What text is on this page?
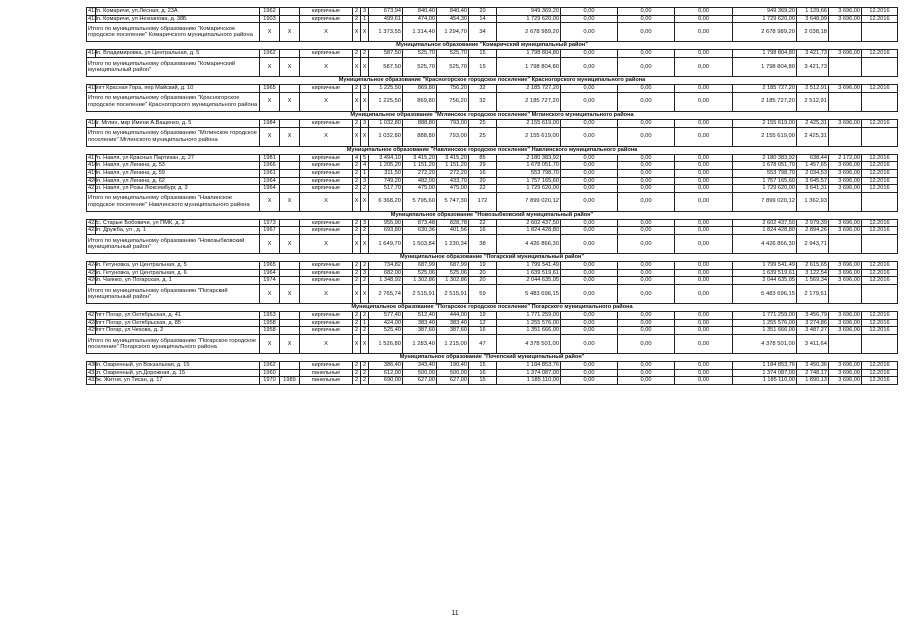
412	п. Комаричи, ул.Лесная, д. 23А	1962		кирпичные	2	3	673,94	840,40	840,40	20	949 369,20	0,00	0,00	0,00	949 369,20	1 129,66	3 696,00	12.2016
413	п. Комаричи, ул Незнанова, д. 38Б	1903		кирпичные	2	1	499,61	474,00	454,30	14	1 729 620,00	0,00	0,00	0,00	1 729 620,00	3 648,99	3 696,00	12.2016
Итого по муниципальному образованию "Комаричское городское поселение" Комаричского муниципального района		X	X	X	X	X	1 373,55	1 314,40	1 294,70	34	2 678 989,20	0,00	0,00	0,00	2 678 989,20	2 038,18		
Муниципальное образование "Комаричский муниципальный район"																		
414	п. Владимировка, ул Центральная, д. 5	1962		кирпичные	2	2	587,50	525,70	525,70	15	1 798 804,80	0,00	0,00	0,00	1 798 804,80	3 421,73	3 696,00	12.2016
Итого по муниципальному образованию "Комаричский муниципальный район"		X	X	X	X	X	587,50	525,70	525,70	15	1 798 804,80	0,00	0,00	0,00	1 798 804,80	3 421,73		
Муниципальное образование "Красногорское городское поселение" Красногорского муниципального района																		
415	пгт Красная Гора, пер Майский, д. 10	1965		кирпичные	2	3	1 225,50	869,80	756,20	32	2 185 727,20	0,00	0,00	0,00	2 185 727,20	2 512,91	3 696,00	12.2016
Итого по муниципальному образованию "Красногорское городское поселение" Красногорского муниципального района		X	X	X	X	X	1 225,50	869,80	756,20	32	2 185 727,20	0,00	0,00	0,00	2 185 727,20	2 512,91		
Муниципальное образование "Мглинское городское поселение" Мглинского муниципального района																		
416	г. Мглин, мкр Имени А.Ващенко, д. 5	1984		кирпичные	2	3	1 032,80	888,80	793,00	25	2 155 619,00	0,00	0,00	0,00	2 155 619,00	2 425,31	3 696,00	12.2016
Итого по муниципальному образованию "Мглинское городское поселение" Мглинского муниципального района		X	X	X	X	X	1 032,80	888,80	793,00	25	2 155 619,00	0,00	0,00	0,00	2 155 619,00	2 425,31		
Муниципальное образование "Навлинское городское поселение" Навлинского муниципального района																		
417	п. Навля, ул Красных Партизан, д. 27	1981		кирпичные	4	5	3 494,10	3 415,20	3 415,20	85	2 180 383,92	0,00	0,00	0,00	2 180 383,92	638,44	2 172,00	12.2016
418	п. Навля, ул Ленина, д. 53	1966		кирпичные	2	4	1 205,20	1 151,20	1 151,20	29	1 678 051,70	0,00	0,00	0,00	1 678 051,70	1 457,65	3 696,00	12.2016
419	п. Навля, ул Ленина, д. 59	1961		кирпичные	2	1	311,50	272,20	272,20	16	553 798,70	0,00	0,00	0,00	553 798,70	2 034,53	3 696,00	12.2016
420	п. Навля, ул Ленина, д. 62	1964		кирпичные	2	3	749,20	482,00	433,70	20	1 757 165,60	0,00	0,00	0,00	1 757 165,60	3 645,57	3 696,00	12.2016
421	п. Навля, ул Розы Люксембург, д. 3	1964		кирпичные	2	2	517,70	475,00	475,00	22	1 729 620,00	0,00	0,00	0,00	1 729 620,00	3 641,31	3 696,00	12.2016
Итого по муниципальному образованию "Навлинское городское поселение" Навлинского муниципального района		X	X	X	X	X	6 368,20	5 795,60	5 747,30	172	7 899 020,12	0,00	0,00	0,00	7 899 020,12	1 362,93		
Муниципальное образование "Новозыбковский муниципальный район"																		
422	с. Старые Бобовичи, ул ПМК, д. 2	1973		кирпичные	2	3	955,90	873,48	828,78	22	2 602 437,50	0,00	0,00	0,00	2 602 437,50	2 979,39	3 696,00	12.2016
423	п. Дружба, ул , д. 1	1967		кирпичные	2	2	693,80	630,36	401,56	16	1 824 428,80	0,00	0,00	0,00	1 824 428,80	2 894,26	3 696,00	12.2016
Итого по муниципальному образованию "Новозыбковский муниципальный район"		X	X	X	X	X	1 649,70	1 503,84	1 230,34	38	4 426 866,30	0,00	0,00	0,00	4 426 866,30	2 943,71		
Муниципальное образование "Погарский муниципальный район"																		
424	п. Гетуновка, ул Центральная, д. 5	1965		кирпичные	2	2	734,82	687,99	687,99	19	1 799 541,49	0,00	0,00	0,00	1 799 541,49	2 615,65	3 696,00	12.2016
425	п. Гетуновка, ул Центральная, д. 6	1964		кирпичные	2	3	682,00	525,06	525,06	20	1 639 519,61	0,00	0,00	0,00	1 639 519,61	3 122,54	3 696,00	12.2016
426	п. Чаянко, ул Погарская, д. 1	1974		кирпичные	2	2	1 348,92	1 302,86	1 302,86	20	2 044 635,05	0,00	0,00	0,00	2 044 635,05	1 569,34	3 696,00	12.2016
Итого по муниципальному образованию "Погарский муниципальный район"		X	X	X	X	X	2 765,74	2 515,91	2 515,91	59	5 483 696,15	0,00	0,00	0,00	5 483 696,15	2 179,61		
Муниципальное образование "Погарское городское поселение" Погарского муниципального района																		
427	пгт Погар, ул Октябрьская, д. 41	1953		кирпичные	2	2	577,40	512,40	444,00	19	1 771 259,00	0,00	0,00	0,00	1 771 259,00	3 456,79	3 696,00	12.2016
428	пгт Погар, ул Октябрьская, д. 85	1958		кирпичные	2	1	424,00	383,40	383,40	12	1 255 576,00	0,00	0,00	0,00	1 255 576,00	3 274,86	3 696,00	12.2016
429	пгт Погар, ул Чехова, д. 2	1958		кирпичные	2	2	525,40	387,60	387,60	16	1 351 666,00	0,00	0,00	0,00	1 351 666,00	3 487,27	3 696,00	12.2016
Итого по муниципальному образованию "Погарское городское поселение" Погарского муниципального района		X	X	X	X	X	1 526,80	1 283,40	1 215,00	47	4 378 501,00	0,00	0,00	0,00	4 378 501,00	3 411,64		
Муниципальное образование "Почепский муниципальный район"																		
430	п. Озаренный, ул Вокзальная, д. 15	1962		кирпичные	2	2	386,40	343,40	190,40	15	1 184 853,76	0,00	0,00	0,00	1 184 853,76	3 450,36	3 696,00	12.2016
431	п. Озаренный, ул.Дорожная, д. 15	1960		панельные	2	2	612,00	500,00	500,00	16	1 374 087,00	0,00	0,00	0,00	1 374 087,00	2 748,17	3 696,00	12.2016
432	ж. Житня, ул Тисан, д. 17	1970	1989	панельные	2	2	690,00	627,00	627,00	15	1 185 110,00	0,00	0,00	0,00	1 185 110,00	1 890,13	3 696,00	12.2016
11
